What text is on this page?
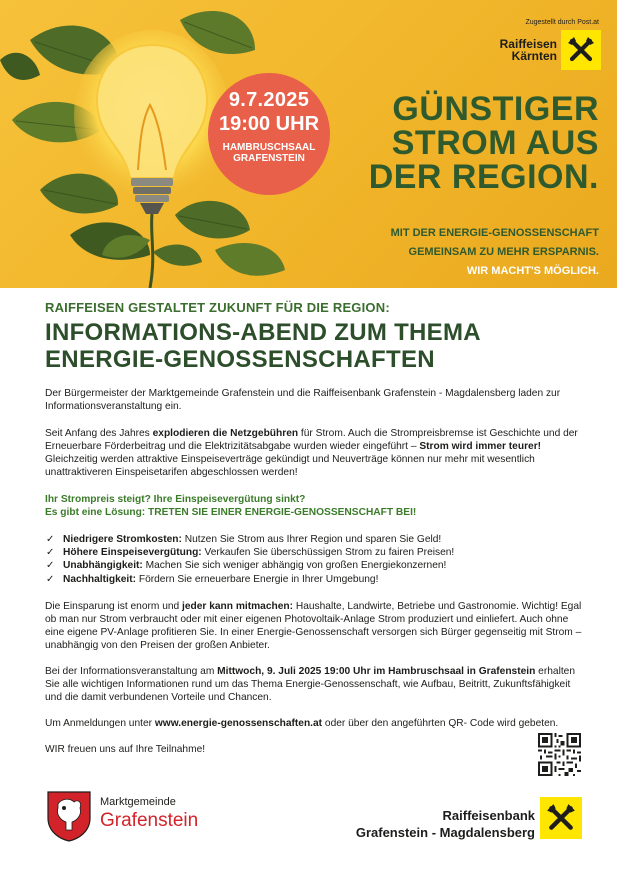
9.7.2025
19:00 UHR
HAMBRUSCHSAAL
GRAFENSTEIN
Zugestellt durch Post.at
Raiffeisen
Kärnten
GÜNSTIGER
STROM AUS
DER REGION.
MIT DER ENERGIE-GENOSSENSCHAFT
GEMEINSAM ZU MEHR ERSPARNIS.
WIR MACHT'S MÖGLICH.
RAIFFEISEN GESTALTET ZUKUNFT FÜR DIE REGION:
INFORMATIONS-ABEND ZUM THEMA
ENERGIE-GENOSSENSCHAFTEN

Der Bürgermeister der Marktgemeinde Grafenstein und die Raiffeisenbank Grafenstein - Magdalensberg laden zur Informationsveranstaltung ein.

Seit Anfang des Jahres explodieren die Netzgebühren für Strom. Auch die Strompreisbremse ist Geschichte und der Erneuerbare Förderbeitrag und die Elektrizitätsabgabe wurden wieder eingeführt – Strom wird immer teurer! Gleichzeitig werden attraktive Einspeiseverträge gekündigt und Neuverträge können nur mehr mit wesentlich unattraktiveren Einspeisetarifen abgeschlossen werden!

Ihr Strompreis steigt? Ihre Einspeisevergütung sinkt?
Es gibt eine Lösung: TRETEN SIE EINER ENERGIE-GENOSSENSCHAFT BEI!

✓ Niedrigere Stromkosten: Nutzen Sie Strom aus Ihrer Region und sparen Sie Geld!
✓ Höhere Einspeisevergütung: Verkaufen Sie überschüssigen Strom zu fairen Preisen!
✓ Unabhängigkeit: Machen Sie sich weniger abhängig von großen Energiekonzernen!
✓ Nachhaltigkeit: Fördern Sie erneuerbare Energie in Ihrer Umgebung!

Die Einsparung ist enorm und jeder kann mitmachen: Haushalte, Landwirte, Betriebe und Gastronomie. Wichtig! Egal ob man nur Strom verbraucht oder mit einer eigenen Photovoltaik-Anlage Strom produziert und einliefert. Auch ohne eine eigene PV-Anlage profitieren Sie. In einer Energie-Genossenschaft versorgen sich Bürger gegenseitig mit Strom – unabhängig von den Preisen der großen Anbieter.

Bei der Informationsveranstaltung am Mittwoch, 9. Juli 2025 19:00 Uhr im Hambruschsaal in Grafenstein erhalten Sie alle wichtigen Informationen rund um das Thema Energie-Genossenschaft, wie Aufbau, Beitritt, Zukunftsfähigkeit und die damit verbundenen Vorteile und Chancen.

Um Anmeldungen unter www.energie-genossenschaften.at oder über den angeführten QR- Code wird gebeten.

WIR freuen uns auf Ihre Teilnahme!

Marktgemeinde
Grafenstein	Raiffeisenbank
Grafenstein - Magdalensberg
